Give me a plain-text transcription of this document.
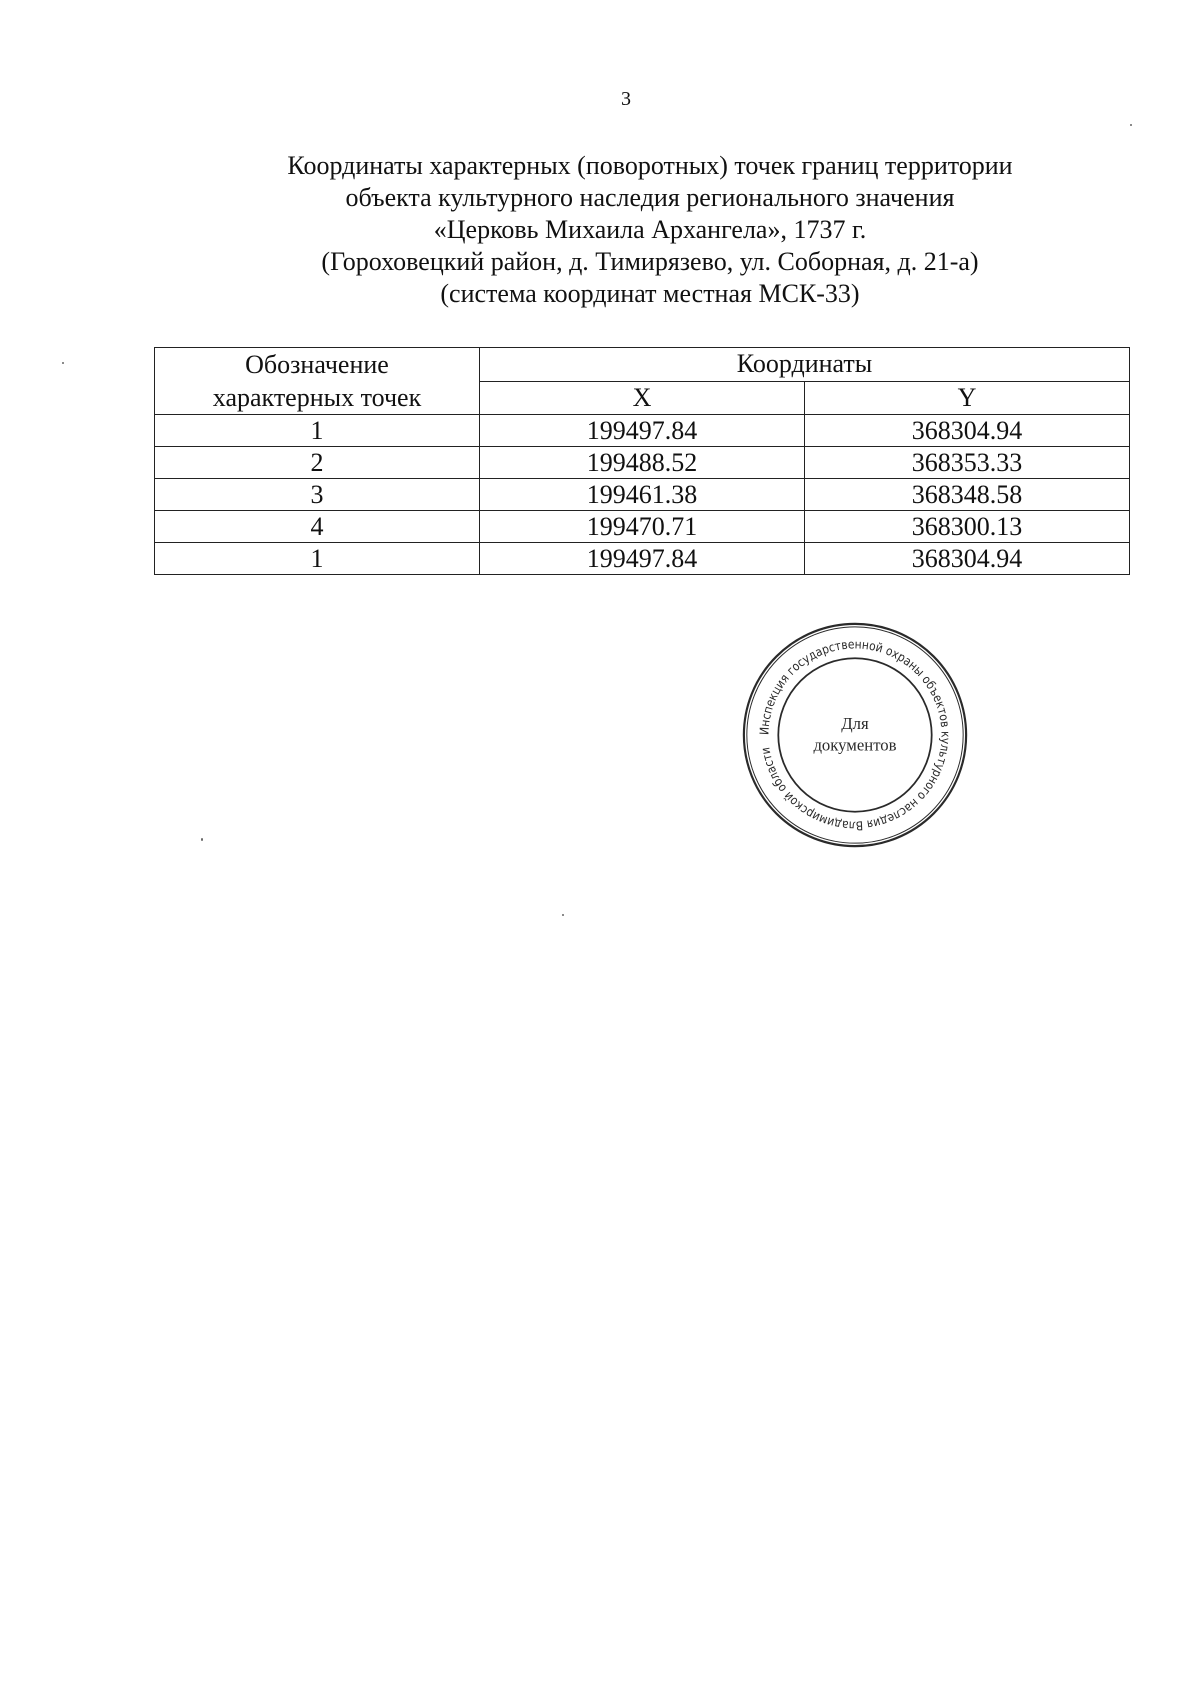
3
Координаты характерных (поворотных) точек границ территории
объекта культурного наследия регионального значения
«Церковь Михаила Архангела», 1737 г.
(Гороховецкий район, д. Тимирязево, ул. Соборная, д. 21-а)
(система координат местная МСК-33)
Обозначение
характерных точек	Координаты	
	X	Y
1	199497.84	368304.94
2	199488.52	368353.33
3	199461.38	368348.58
4	199470.71	368300.13
1	199497.84	368304.94
Инспекция государственной охраны объектов культурного наследия Владимирской области
Для
документов
